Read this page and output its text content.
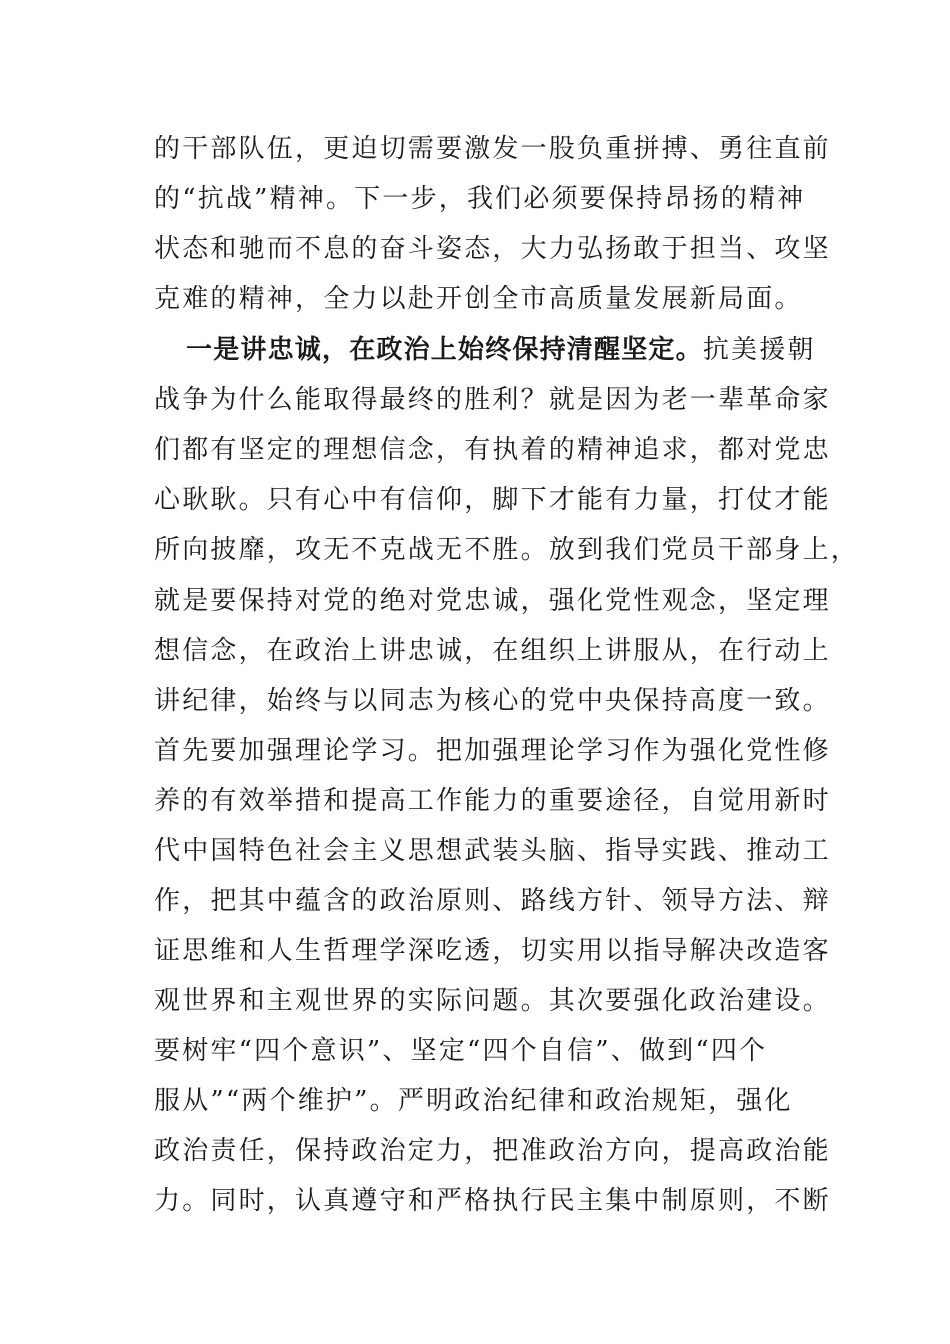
的干部队伍，更迫切需要激发一股负重拼搏、勇往直前
的“抗战”精神。下一步，我们必须要保持昂扬的精神
状态和驰而不息的奋斗姿态，大力弘扬敢于担当、攻坚
克难的精神，全力以赴开创全市高质量发展新局面。
一是讲忠诚，在政治上始终保持清醒坚定。抗美援朝
战争为什么能取得最终的胜利？就是因为老一辈革命家
们都有坚定的理想信念，有执着的精神追求，都对党忠
心耿耿。只有心中有信仰，脚下才能有力量，打仗才能
所向披靡，攻无不克战无不胜。放到我们党员干部身上，
就是要保持对党的绝对党忠诚，强化党性观念，坚定理
想信念，在政治上讲忠诚，在组织上讲服从，在行动上
讲纪律，始终与以同志为核心的党中央保持高度一致。
首先要加强理论学习。把加强理论学习作为强化党性修
养的有效举措和提高工作能力的重要途径，自觉用新时
代中国特色社会主义思想武装头脑、指导实践、推动工
作，把其中蕴含的政治原则、路线方针、领导方法、辩
证思维和人生哲理学深吃透，切实用以指导解决改造客
观世界和主观世界的实际问题。其次要强化政治建设。
要树牢“四个意识”、坚定“四个自信”、做到“四个
服从”“两个维护”。严明政治纪律和政治规矩，强化
政治责任，保持政治定力，把准政治方向，提高政治能
力。同时，认真遵守和严格执行民主集中制原则，不断
